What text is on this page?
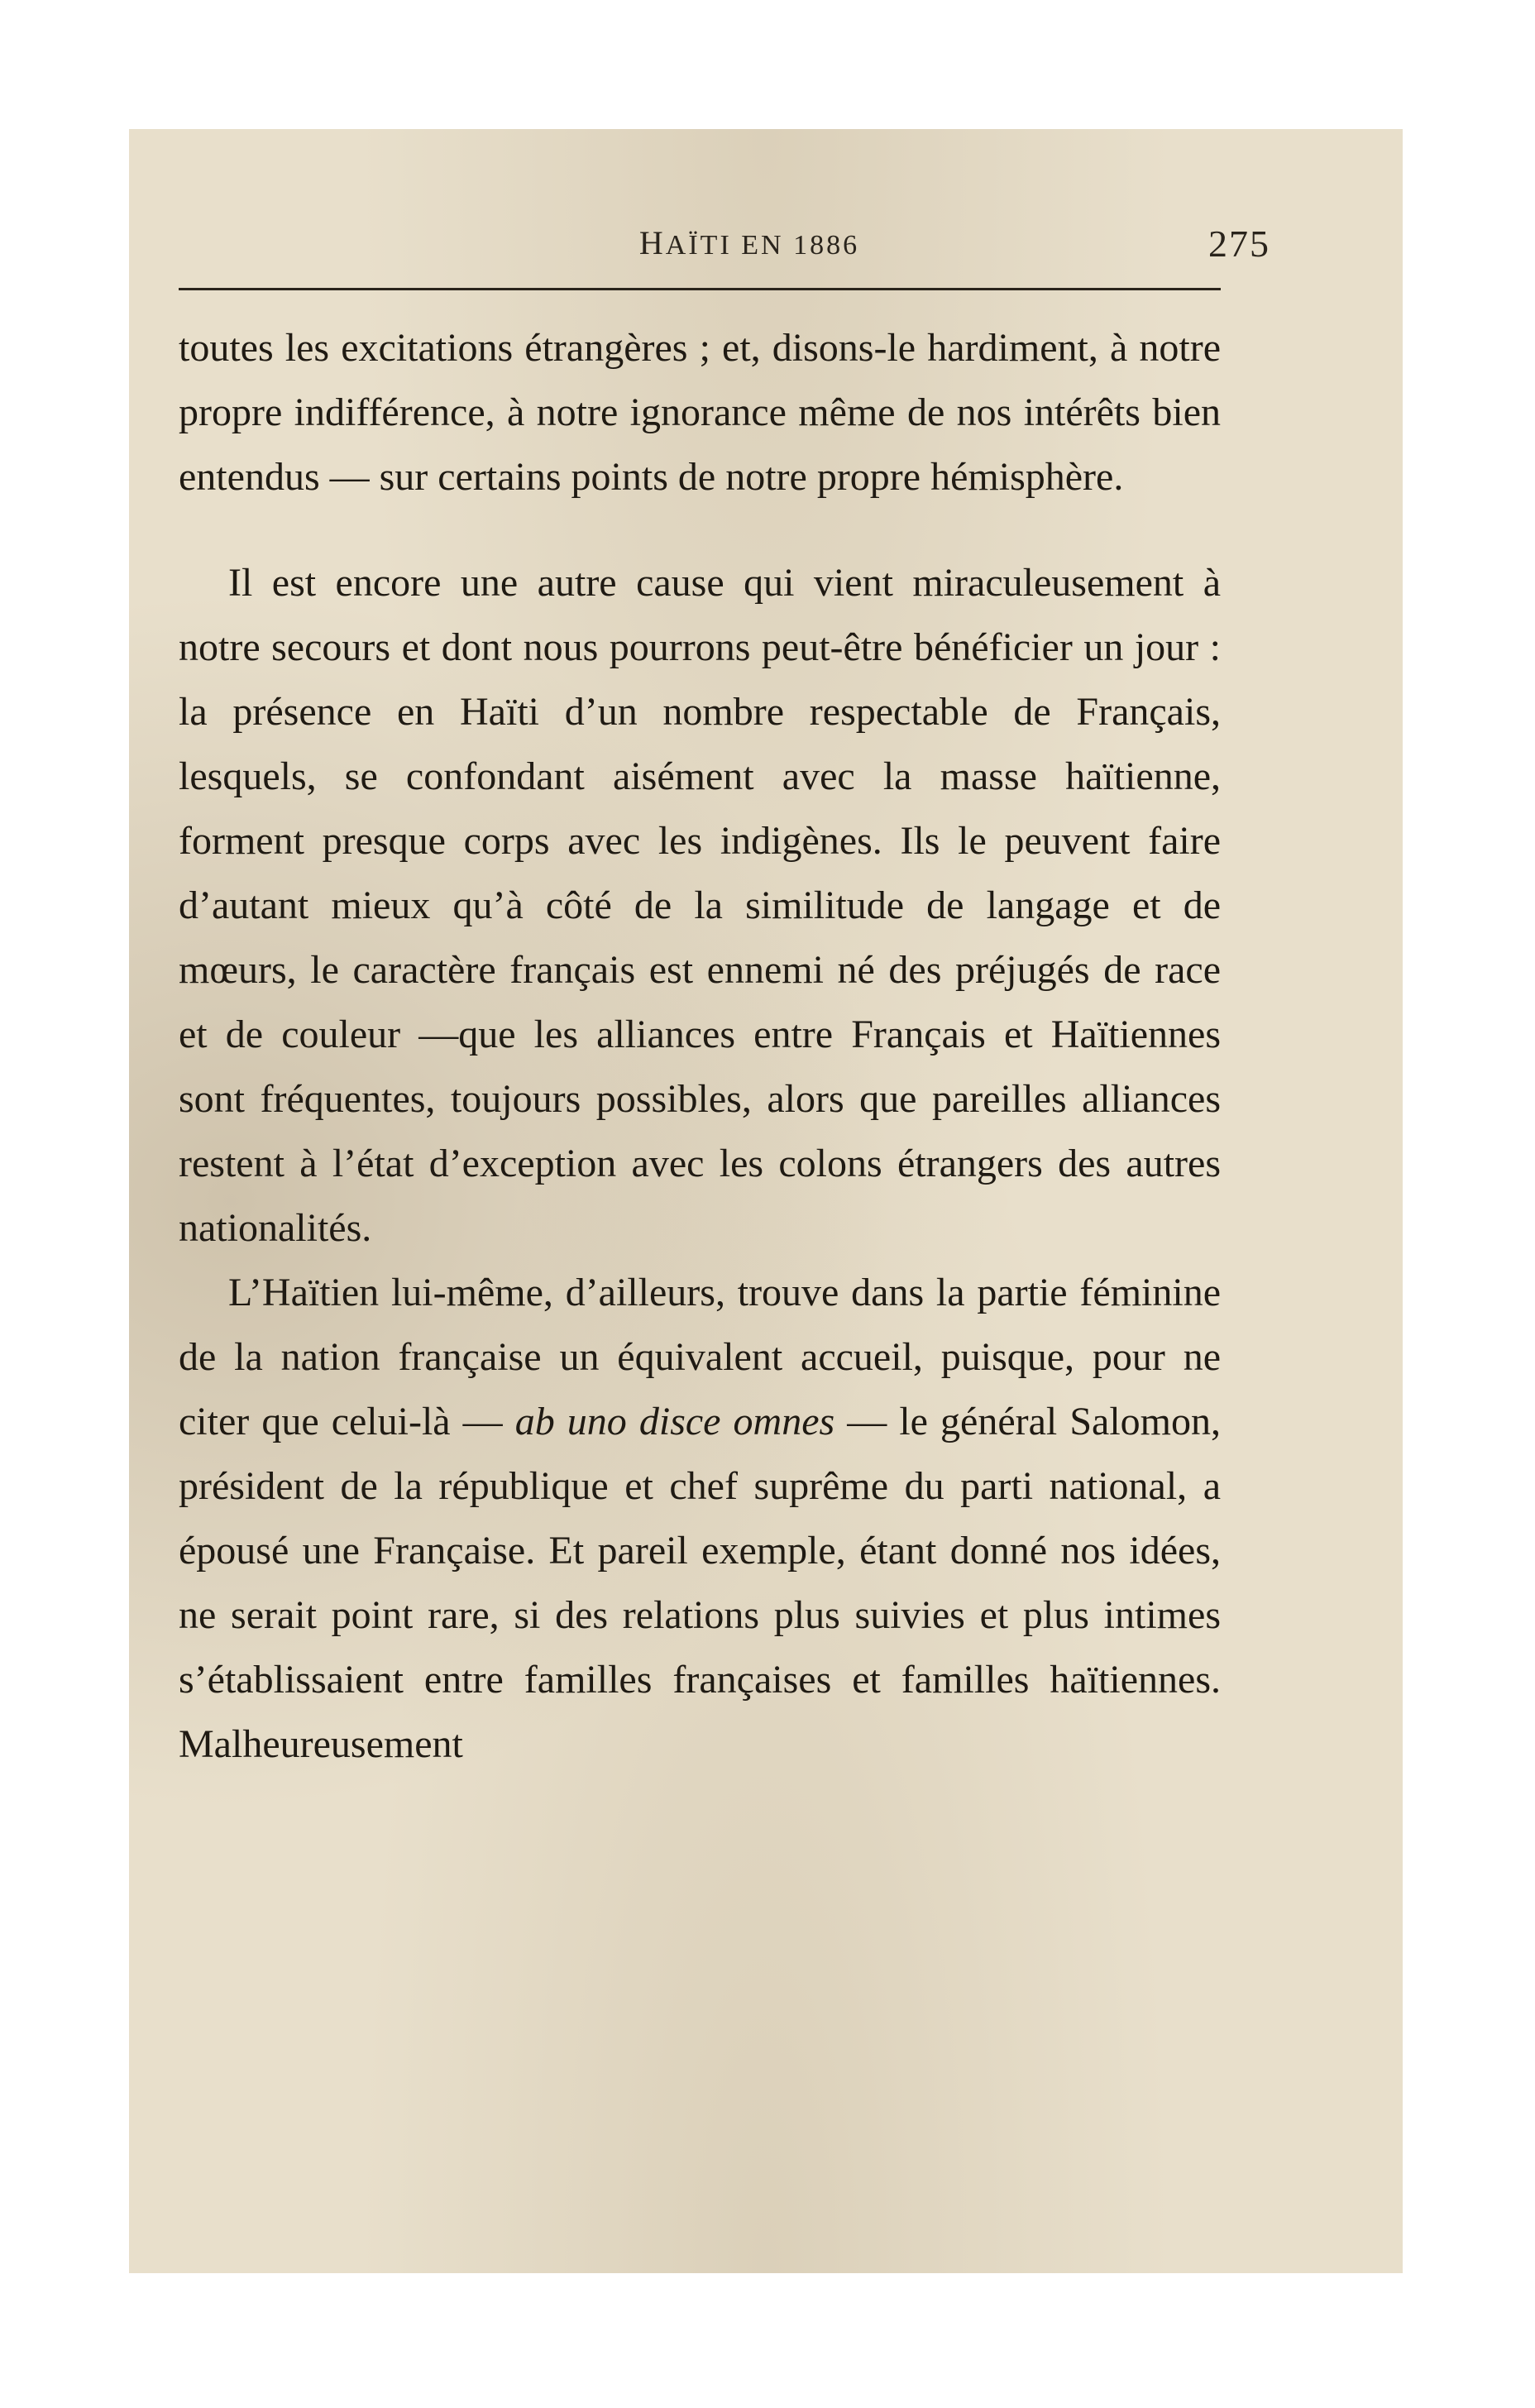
HAÏTI EN 1886	275

toutes les excitations étrangères ; et, disons-le hardiment, à notre propre indifférence, à notre ignorance même de nos intérêts bien entendus — sur certains points de notre propre hémisphère.

Il est encore une autre cause qui vient miraculeusement à notre secours et dont nous pourrons peut-être bénéficier un jour : la présence en Haïti d’un nombre respectable de Français, lesquels, se confondant aisément avec la masse haïtienne, forment presque corps avec les indigènes. Ils le peuvent faire d’autant mieux qu’à côté de la similitude de langage et de mœurs, le caractère français est ennemi né des préjugés de race et de couleur —que les alliances entre Français et Haïtiennes sont fréquentes, toujours possibles, alors que pareilles alliances restent à l’état d’exception avec les colons étrangers des autres nationalités.

L’Haïtien lui-même, d’ailleurs, trouve dans la partie féminine de la nation française un équivalent accueil, puisque, pour ne citer que celui-là — ab uno disce omnes — le général Salomon, président de la république et chef suprême du parti national, a épousé une Française. Et pareil exemple, étant donné nos idées, ne serait point rare, si des relations plus suivies et plus intimes s’établissaient entre familles françaises et familles haïtiennes. Malheureusement
